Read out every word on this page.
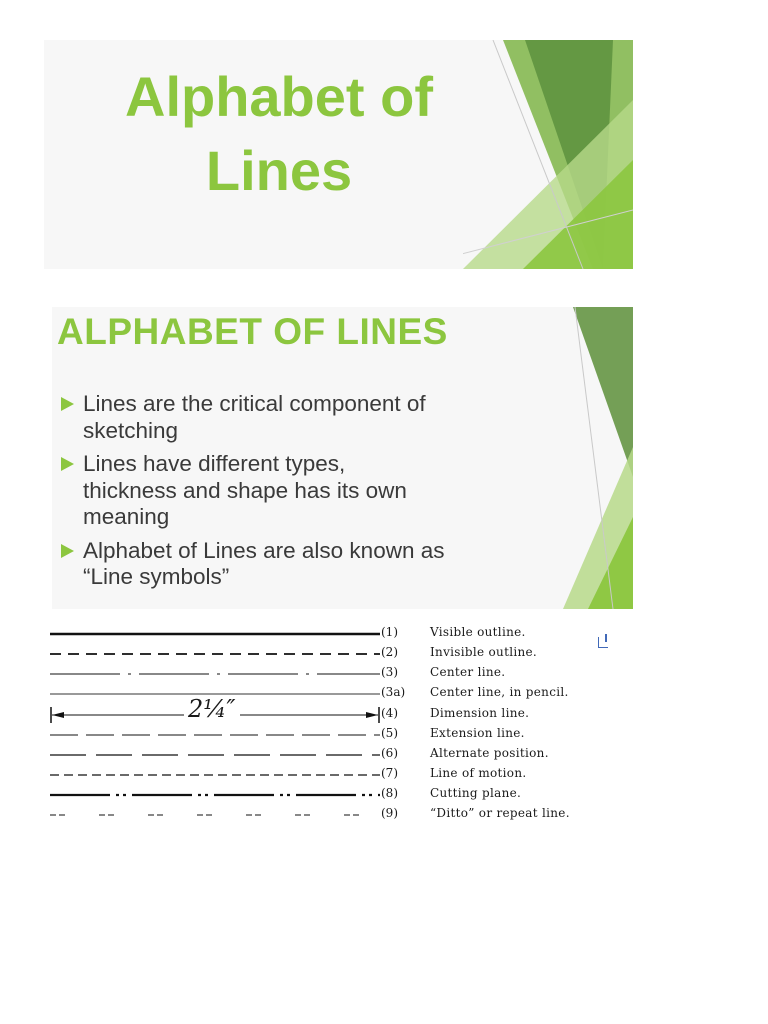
Alphabet of
Lines
ALPHABET OF LINES
Lines are the critical component of
sketching
Lines have different types,
thickness and shape has its own
meaning
Alphabet of Lines are also known as
“Line symbols”
(1)	Visible outline.
(2)	Invisible outline.
(3)	Center line.
(3a) Center line, in pencil.
2¼″	(4)	Dimension line.
(5)	Extension line.
(6)	Alternate position.
(7)	Line of motion.
(8)	Cutting plane.
(9)	“Ditto” or repeat line.
